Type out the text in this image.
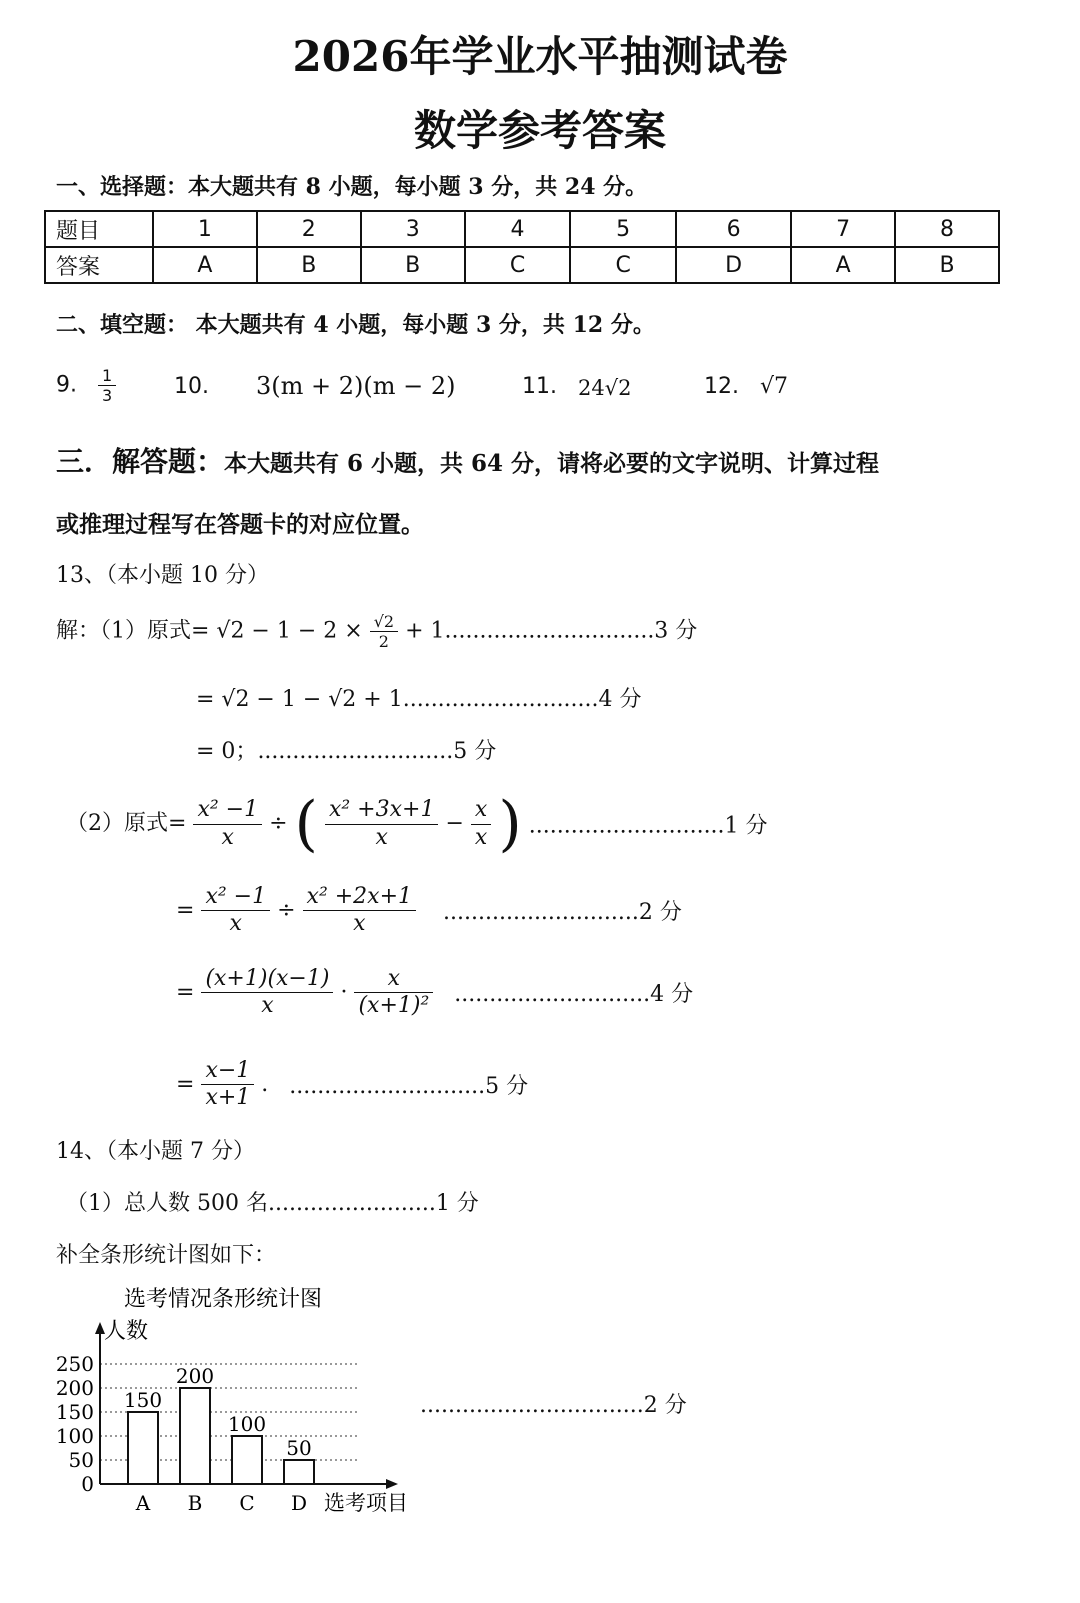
2026年学业水平抽测试卷
数学参考答案
一、选择题：本大题共有 8 小题，每小题 3 分，共 24 分。
题目	1	2	3	4	5	6	7	8
答案	A	B	B	C	C	D	A	B
二、填空题： 本大题共有 4 小题，每小题 3 分，共 12 分。
9. $\frac{1}{3}$	10. 3(m + 2)(m − 2)	11. 24√2	12. √7
三．解答题：本大题共有 6 小题，共 64 分，请将必要的文字说明、计算过程
或推理过程写在答题卡的对应位置。
13、（本小题 10 分）
解：（1）原式= $√2 - 1 - 2 \times \frac{√2}{2} + 1..............................3$ 分
= √2 − 1 − √2 + 1............................4 分
= 0；............................5 分
（2）原式= $\frac{\text{x² −1}}{x}$ ÷ ( $\frac{\text{x² +3x+1}}{x} - \frac{x}{x}$ ) ............................1 分
= $\frac{\text{x² −1}}{x} \div \frac{\text{x² +2x+1}}{x} ............................2$ 分
= $\frac{(x+1)(x-1)}{x} \cdot \frac{x}{\text{(x+1)²}} ............................4$ 分
= $\frac{x-1}{x+1}$ . ............................5 分
14、（本小题 7 分）
（1）总人数 500 名........................1 分
补全条形统计图如下：
选考情况条形统计图
人数
选考项目
0
50
100
150
200
250
150
A
200
B
100
C
50
D
................................2 分
